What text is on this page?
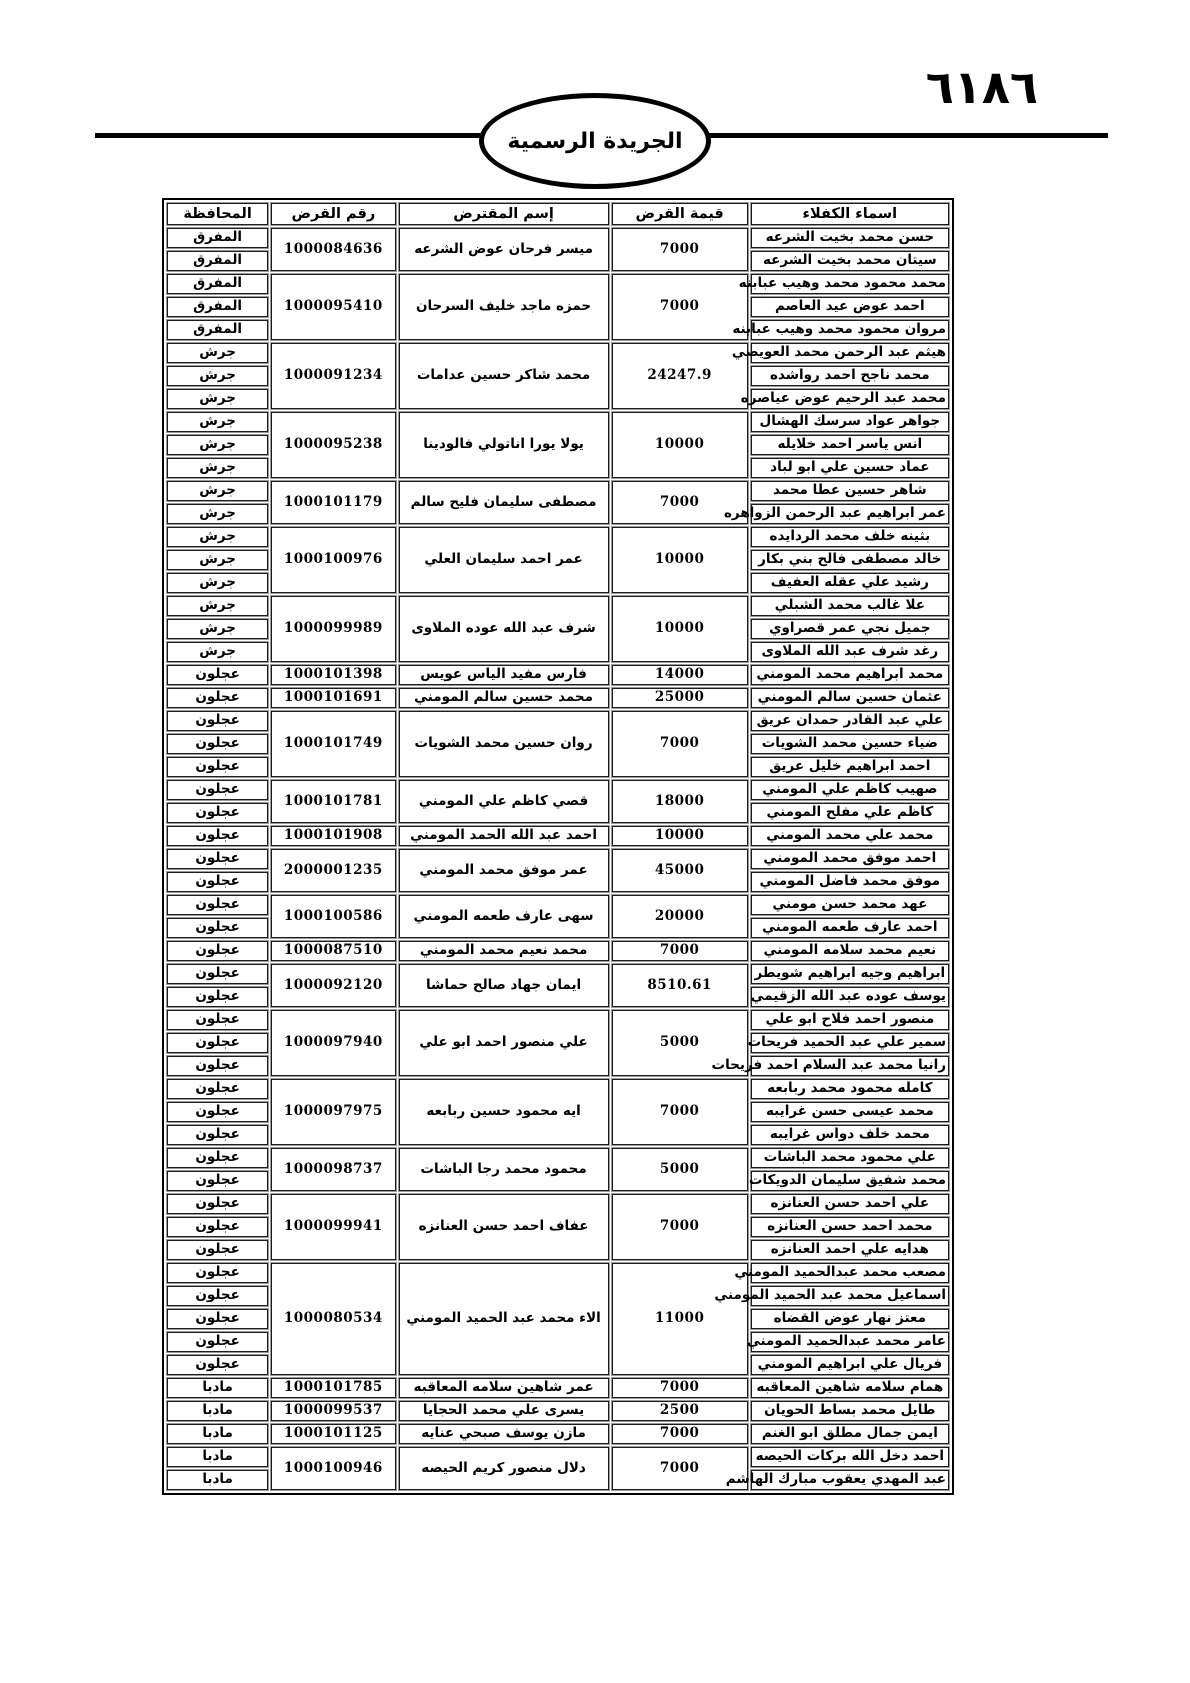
٦١٨٦
الجريدة الرسمية
اسماء الكفلاء	قيمة القرض	إسم المقترض	رقم القرض	المحافظة
حسن محمد بخيت الشرعه	7000	ميسر فرحان عوض الشرعه	1000084636	المفرق
سيتان محمد بخيت الشرعه				المفرق
محمد محمود محمد وهيب عبابنه	7000	حمزه ماجد خليف السرحان	1000095410	المفرق
احمد عوض عيد العاصم				المفرق
مروان محمود محمد وهيب عبابنه				المفرق
هيثم عبد الرحمن محمد العويصي	24247.9	محمد شاكر حسين عدامات	1000091234	جرش
محمد ناجح احمد رواشده				جرش
محمد عبد الرحيم عوض عياصره				جرش
جواهر عواد سرسك الهشال	10000	يولا يورا اناتولي فالودينا	1000095238	جرش
انس ياسر احمد خلايله				جرش
عماد حسين علي ابو لباد				جرش
شاهر حسين عطا محمد	7000	مصطفى سليمان فليح سالم	1000101179	جرش
عمر ابراهيم عبد الرحمن الزواهره				جرش
بثينه خلف محمد الردايده	10000	عمر احمد سليمان العلي	1000100976	جرش
خالد مصطفى فالح بني بكار				جرش
رشيد علي عقله العفيف				جرش
علا غالب محمد الشبلي	10000	شرف عبد الله عوده الملاوى	1000099989	جرش
جميل نجي عمر قصراوي				جرش
رغد شرف عبد الله الملاوى				جرش
محمد ابراهيم محمد المومني	14000	فارس مفيد الياس عويس	1000101398	عجلون
عثمان حسين سالم المومني	25000	محمد حسين سالم المومني	1000101691	عجلون
علي عبد القادر حمدان عريق	7000	روان حسين محمد الشويات	1000101749	عجلون
ضياء حسين محمد الشويات				عجلون
احمد ابراهيم خليل عريق				عجلون
صهيب كاظم علي المومني	18000	قصي كاظم علي المومني	1000101781	عجلون
كاظم علي مفلح المومني				عجلون
محمد علي محمد المومني	10000	احمد عبد الله الحمد المومني	1000101908	عجلون
احمد موفق محمد المومني	45000	عمر موفق محمد المومني	2000001235	عجلون
موفق محمد فاضل المومني				عجلون
عهد محمد حسن مومني	20000	سهى عارف طعمه المومني	1000100586	عجلون
احمد عارف طعمه المومني				عجلون
نعيم محمد سلامه المومني	7000	محمد نعيم محمد المومني	1000087510	عجلون
ابراهيم وجيه ابراهيم شويطر	8510.61	ايمان جهاد صالح حماشا	1000092120	عجلون
يوسف عوده عبد الله الزقيمي				عجلون
منصور احمد فلاح ابو علي	5000	علي منصور احمد ابو علي	1000097940	عجلون
سمير علي عبد الحميد فريحات				عجلون
رانيا محمد عبد السلام احمد فريحات				عجلون
كامله محمود محمد ربابعه	7000	ايه محمود حسين ربابعه	1000097975	عجلون
محمد عيسى حسن غرايبه				عجلون
محمد خلف دواس غرايبه				عجلون
علي محمود محمد الباشات	5000	محمود محمد رجا الباشات	1000098737	عجلون
محمد شفيق سليمان الدويكات				عجلون
علي احمد حسن العنانزه	7000	عفاف احمد حسن العنانزه	1000099941	عجلون
محمد احمد حسن العنانزه				عجلون
هدايه علي احمد العنانزه				عجلون
مصعب محمد عبدالحميد المومني	11000	الاء محمد عبد الحميد المومني	1000080534	عجلون
اسماعيل محمد عبد الحميد المومني				عجلون
معتز نهار عوض القضاه				عجلون
عامر محمد عبدالحميد المومني				عجلون
فريال علي ابراهيم المومني				عجلون
همام سلامه شاهين المعاقبه	7000	عمر شاهين سلامه المعاقبه	1000101785	مادبا
طايل محمد بساط الحويان	2500	يسرى علي محمد الحجايا	1000099537	مادبا
ايمن جمال مطلق ابو الغنم	7000	مازن يوسف صبحي عنايه	1000101125	مادبا
احمد دخل الله بركات الحيصه	7000	دلال منصور كريم الحيصه	1000100946	مادبا
عبد المهدي يعقوب مبارك الهاشم				مادبا
